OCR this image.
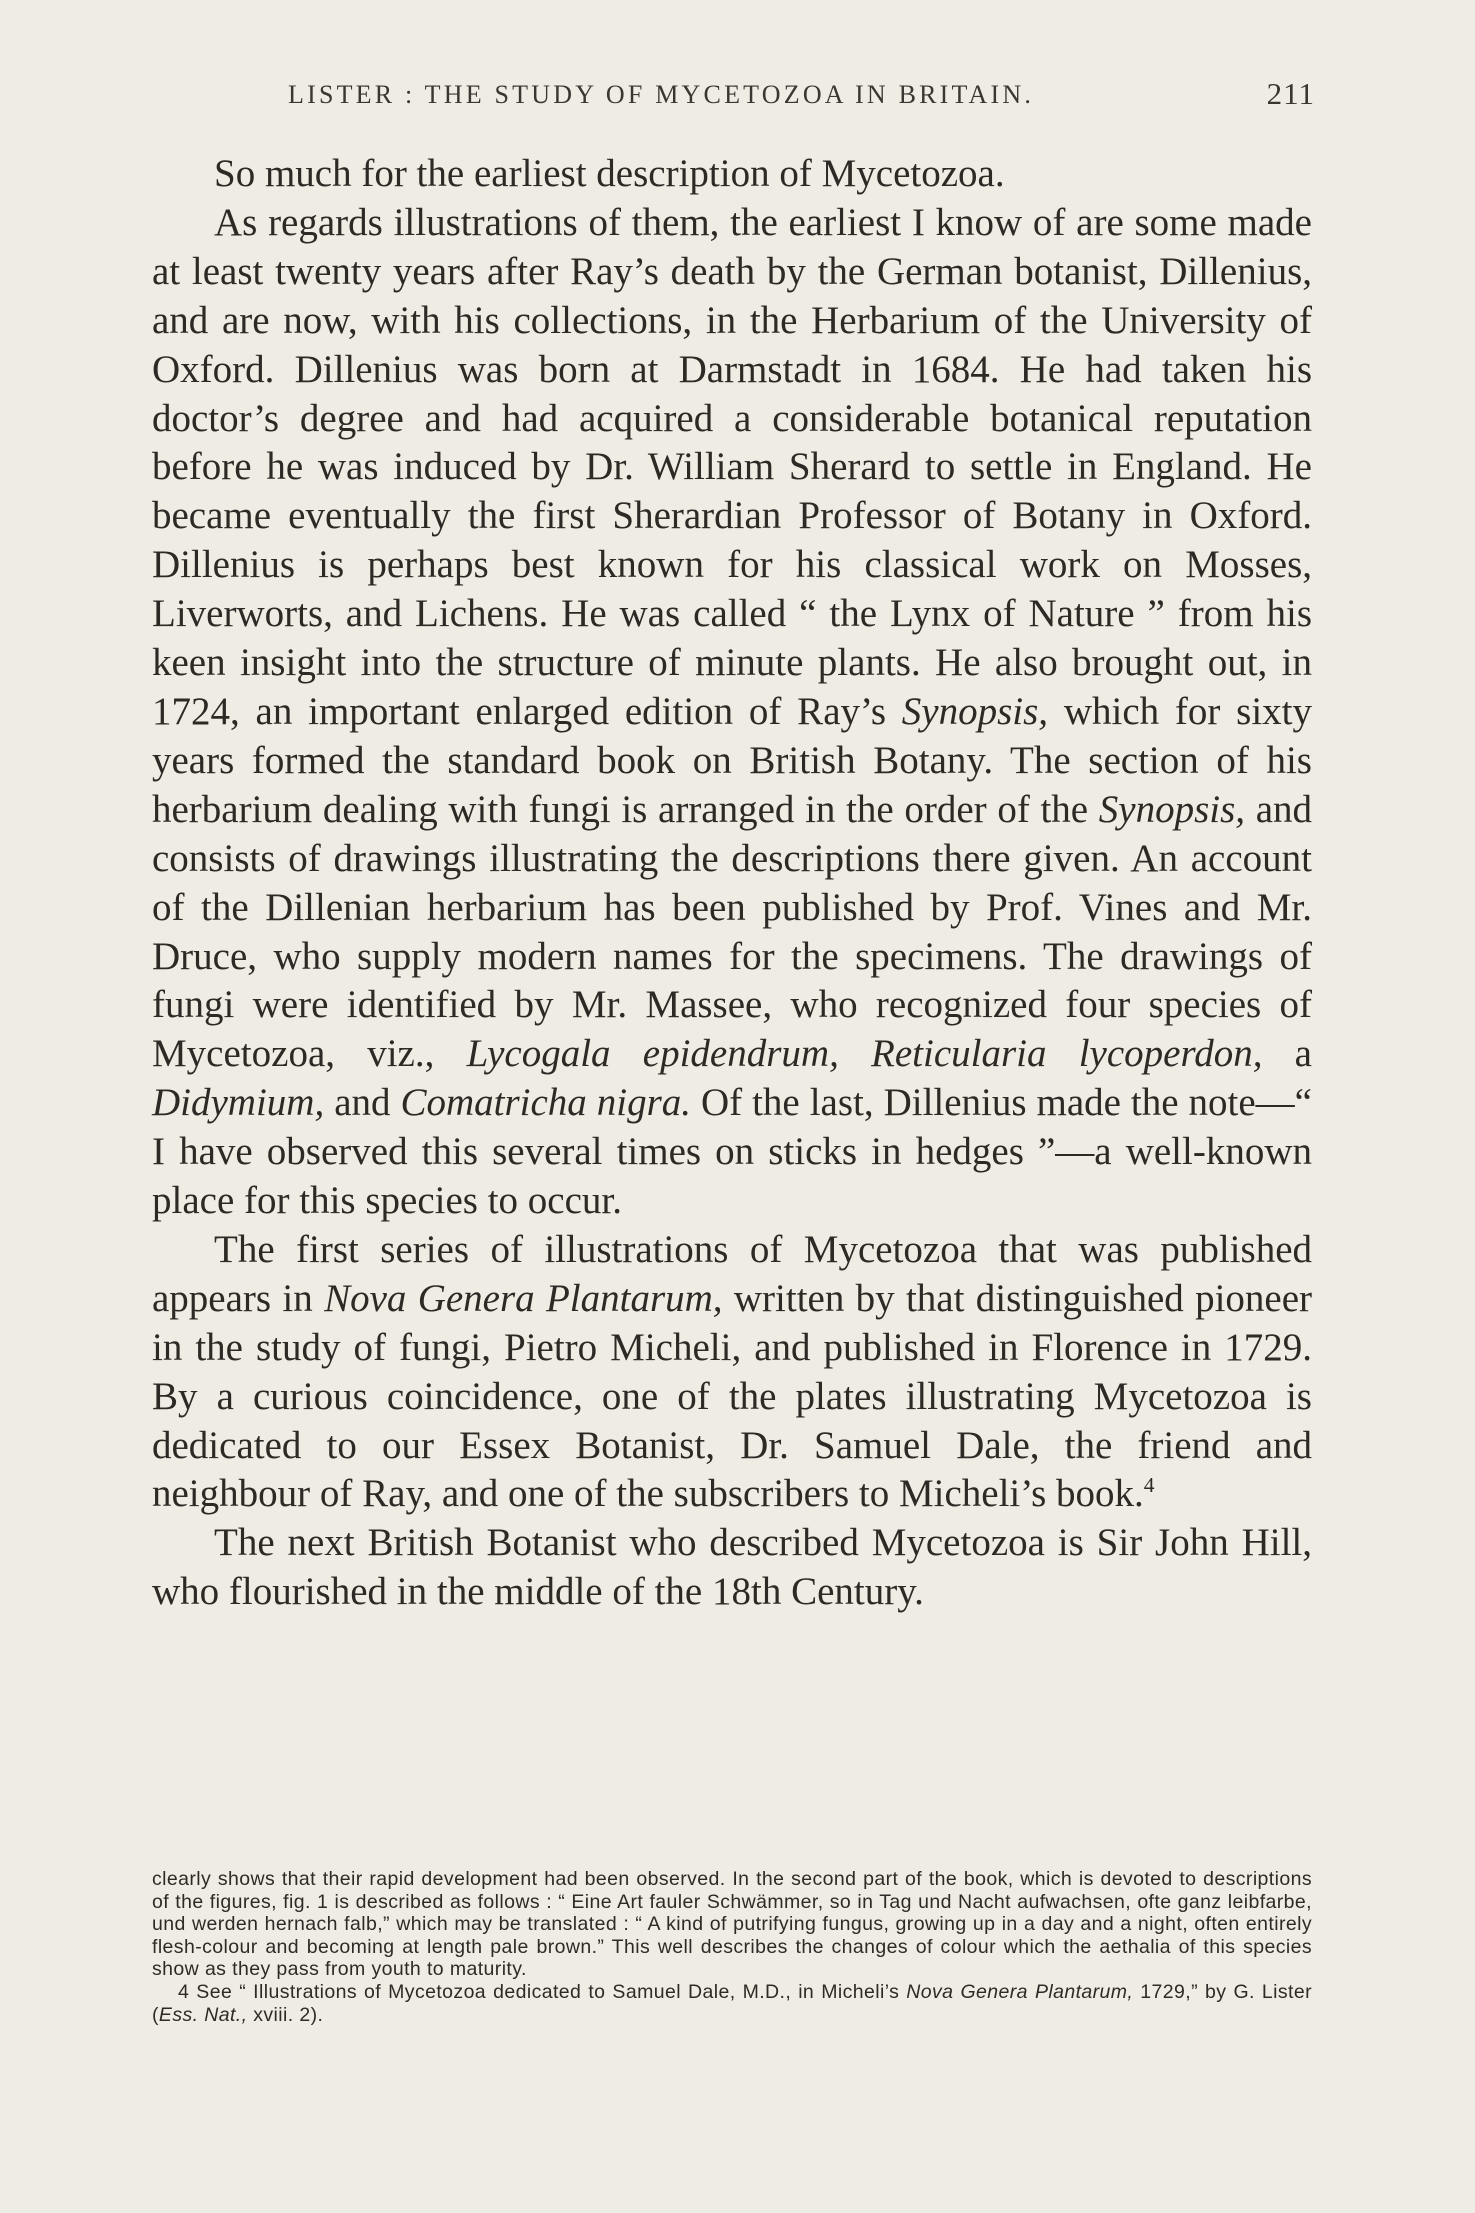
LISTER : THE STUDY OF MYCETOZOA IN BRITAIN.	211

So much for the earliest description of Mycetozoa.

As regards illustrations of them, the earliest I know of are some made at least twenty years after Ray’s death by the German botanist, Dillenius, and are now, with his collections, in the Herbarium of the University of Oxford. Dillenius was born at Darmstadt in 1684. He had taken his doctor’s degree and had acquired a considerable botanical reputation before he was induced by Dr. William Sherard to settle in England. He became eventually the first Sherardian Professor of Botany in Oxford. Dillenius is perhaps best known for his classical work on Mosses, Liverworts, and Lichens. He was called “ the Lynx of Nature ” from his keen insight into the structure of minute plants. He also brought out, in 1724, an important enlarged edition of Ray’s Synopsis, which for sixty years formed the standard book on British Botany. The section of his herbarium dealing with fungi is arranged in the order of the Synopsis, and consists of drawings illustrating the descriptions there given. An account of the Dillenian herbarium has been published by Prof. Vines and Mr. Druce, who supply modern names for the specimens. The drawings of fungi were identified by Mr. Massee, who recognized four species of Mycetozoa, viz., Lycogala epidendrum, Reticularia lycoperdon, a Didymium, and Comatricha nigra. Of the last, Dillenius made the note—“ I have observed this several times on sticks in hedges ”—a well-known place for this species to occur.

The first series of illustrations of Mycetozoa that was published appears in Nova Genera Plantarum, written by that distinguished pioneer in the study of fungi, Pietro Micheli, and published in Florence in 1729. By a curious coincidence, one of the plates illustrating Mycetozoa is dedicated to our Essex Botanist, Dr. Samuel Dale, the friend and neighbour of Ray, and one of the subscribers to Micheli’s book.$^4$

The next British Botanist who described Mycetozoa is Sir John Hill, who flourished in the middle of the 18th Century.

clearly shows that their rapid development had been observed. In the second part of the book, which is devoted to descriptions of the figures, fig. 1 is described as follows : “ Eine Art fauler Schwämmer, so in Tag und Nacht aufwachsen, ofte ganz leibfarbe, und werden hernach falb,” which may be translated : “ A kind of putrifying fungus, growing up in a day and a night, often entirely flesh-colour and becoming at length pale brown.” This well describes the changes of colour which the aethalia of this species show as they pass from youth to maturity.

4 See “ Illustrations of Mycetozoa dedicated to Samuel Dale, M.D., in Micheli’s Nova Genera Plantarum, 1729,” by G. Lister (Ess. Nat., xviii. 2).
